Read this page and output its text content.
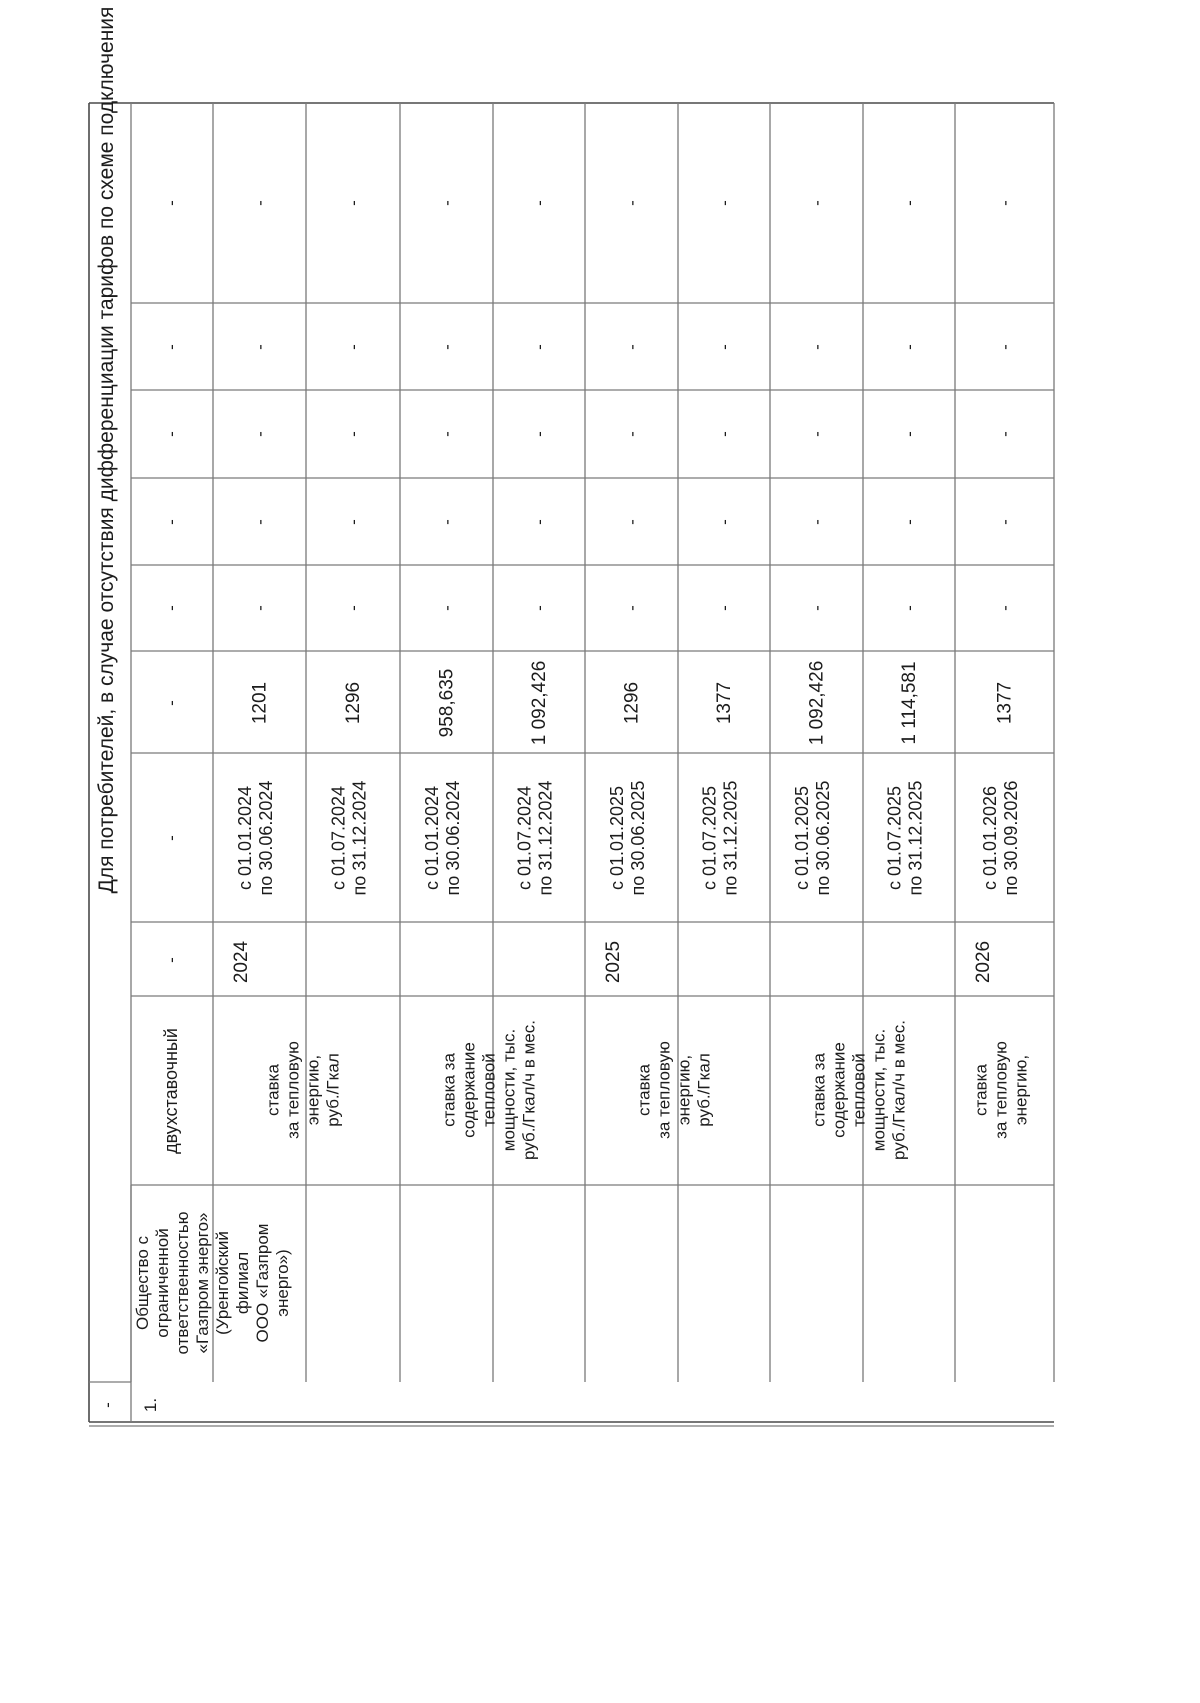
Для потребителей, в случае отсутствия дифференциации тарифов по схеме подключения
- 1.
Общество с ограниченной ответственностью «Газпром энерго» (Уренгойский филиал ООО «Газпром энерго»)
двухставочный
-
-
-
-
-
-
-
-
2024
ставка за тепловую энергию, руб./Гкал
с 01.01.2024 по 30.06.2024
1201
-
-
-
-
-
с 01.07.2024 по 31.12.2024
1296
-
-
-
-
-
ставка за содержание тепловой мощности, тыс. руб./Гкал/ч в мес.
с 01.01.2024 по 30.06.2024
958,635
-
-
-
-
-
с 01.07.2024 по 31.12.2024
1 092,426
-
-
-
-
-
2025
ставка за тепловую энергию, руб./Гкал
с 01.01.2025 по 30.06.2025
1296
-
-
-
-
-
с 01.07.2025 по 31.12.2025
1377
-
-
-
-
-
ставка за содержание тепловой мощности, тыс. руб./Гкал/ч в мес.
с 01.01.2025 по 30.06.2025
1 092,426
-
-
-
-
-
с 01.07.2025 по 31.12.2025
1 114,581
-
-
-
-
-
2026
ставка за тепловую энергию,
с 01.01.2026 по 30.09.2026
1377
-
-
-
-
-
